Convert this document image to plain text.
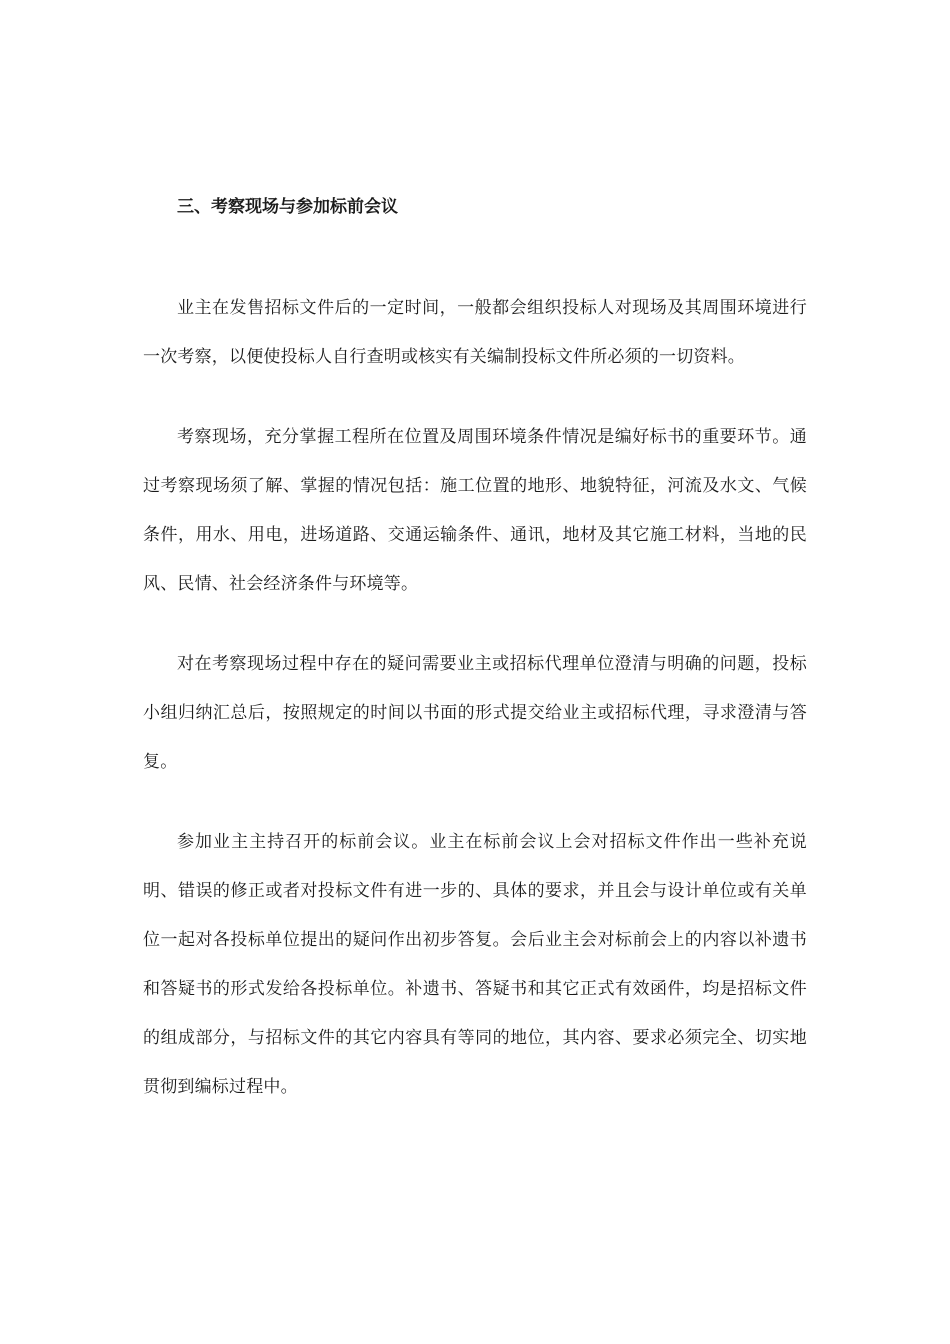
三、考察现场与参加标前会议

业主在发售招标文件后的一定时间，一般都会组织投标人对现场及其周围环境进行一次考察，以便使投标人自行查明或核实有关编制投标文件所必须的一切资料。

考察现场，充分掌握工程所在位置及周围环境条件情况是编好标书的重要环节。通过考察现场须了解、掌握的情况包括：施工位置的地形、地貌特征，河流及水文、气候条件，用水、用电，进场道路、交通运输条件、通讯，地材及其它施工材料，当地的民风、民情、社会经济条件与环境等。

对在考察现场过程中存在的疑问需要业主或招标代理单位澄清与明确的问题，投标小组归纳汇总后，按照规定的时间以书面的形式提交给业主或招标代理，寻求澄清与答复。

参加业主主持召开的标前会议。业主在标前会议上会对招标文件作出一些补充说明、错误的修正或者对投标文件有进一步的、具体的要求，并且会与设计单位或有关单位一起对各投标单位提出的疑问作出初步答复。会后业主会对标前会上的内容以补遗书和答疑书的形式发给各投标单位。补遗书、答疑书和其它正式有效函件，均是招标文件的组成部分，与招标文件的其它内容具有等同的地位，其内容、要求必须完全、切实地贯彻到编标过程中。
